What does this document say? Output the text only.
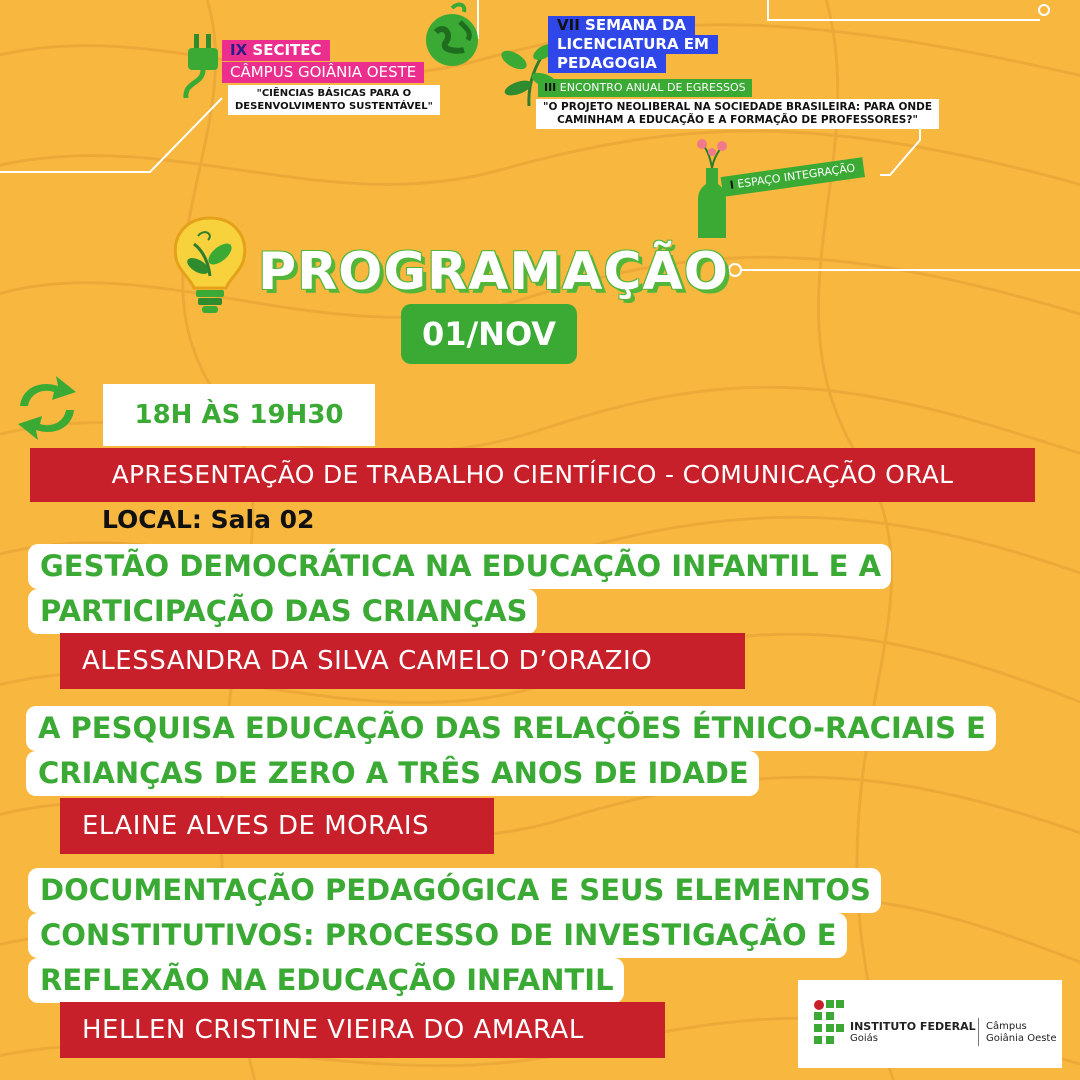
IX SECITEC
CÂMPUS GOIÂNIA OESTE
"CIÊNCIAS BÁSICAS PARA O
DESENVOLVIMENTO SUSTENTÁVEL"
VII SEMANA DA
LICENCIATURA EM
PEDAGOGIA
III ENCONTRO ANUAL DE EGRESSOS
"O PROJETO NEOLIBERAL NA SOCIEDADE BRASILEIRA: PARA ONDE
CAMINHAM A EDUCAÇÃO E A FORMAÇÃO DE PROFESSORES?"
I ESPAÇO INTEGRAÇÃO
PROGRAMAÇÃO
01/NOV
18H ÀS 19H30
APRESENTAÇÃO DE TRABALHO CIENTÍFICO - COMUNICAÇÃO ORAL
LOCAL: Sala 02
GESTÃO DEMOCRÁTICA NA EDUCAÇÃO INFANTIL E A
PARTICIPAÇÃO DAS CRIANÇAS
ALESSANDRA DA SILVA CAMELO D’ORAZIO
A PESQUISA EDUCAÇÃO DAS RELAÇÕES ÉTNICO-RACIAIS E
CRIANÇAS DE ZERO A TRÊS ANOS DE IDADE
ELAINE ALVES DE MORAIS
DOCUMENTAÇÃO PEDAGÓGICA E SEUS ELEMENTOS
CONSTITUTIVOS: PROCESSO DE INVESTIGAÇÃO E
REFLEXÃO NA EDUCAÇÃO INFANTIL
HELLEN CRISTINE VIEIRA DO AMARAL	INSTITUTO FEDERAL
Goiás
Câmpus
Goiânia Oeste
